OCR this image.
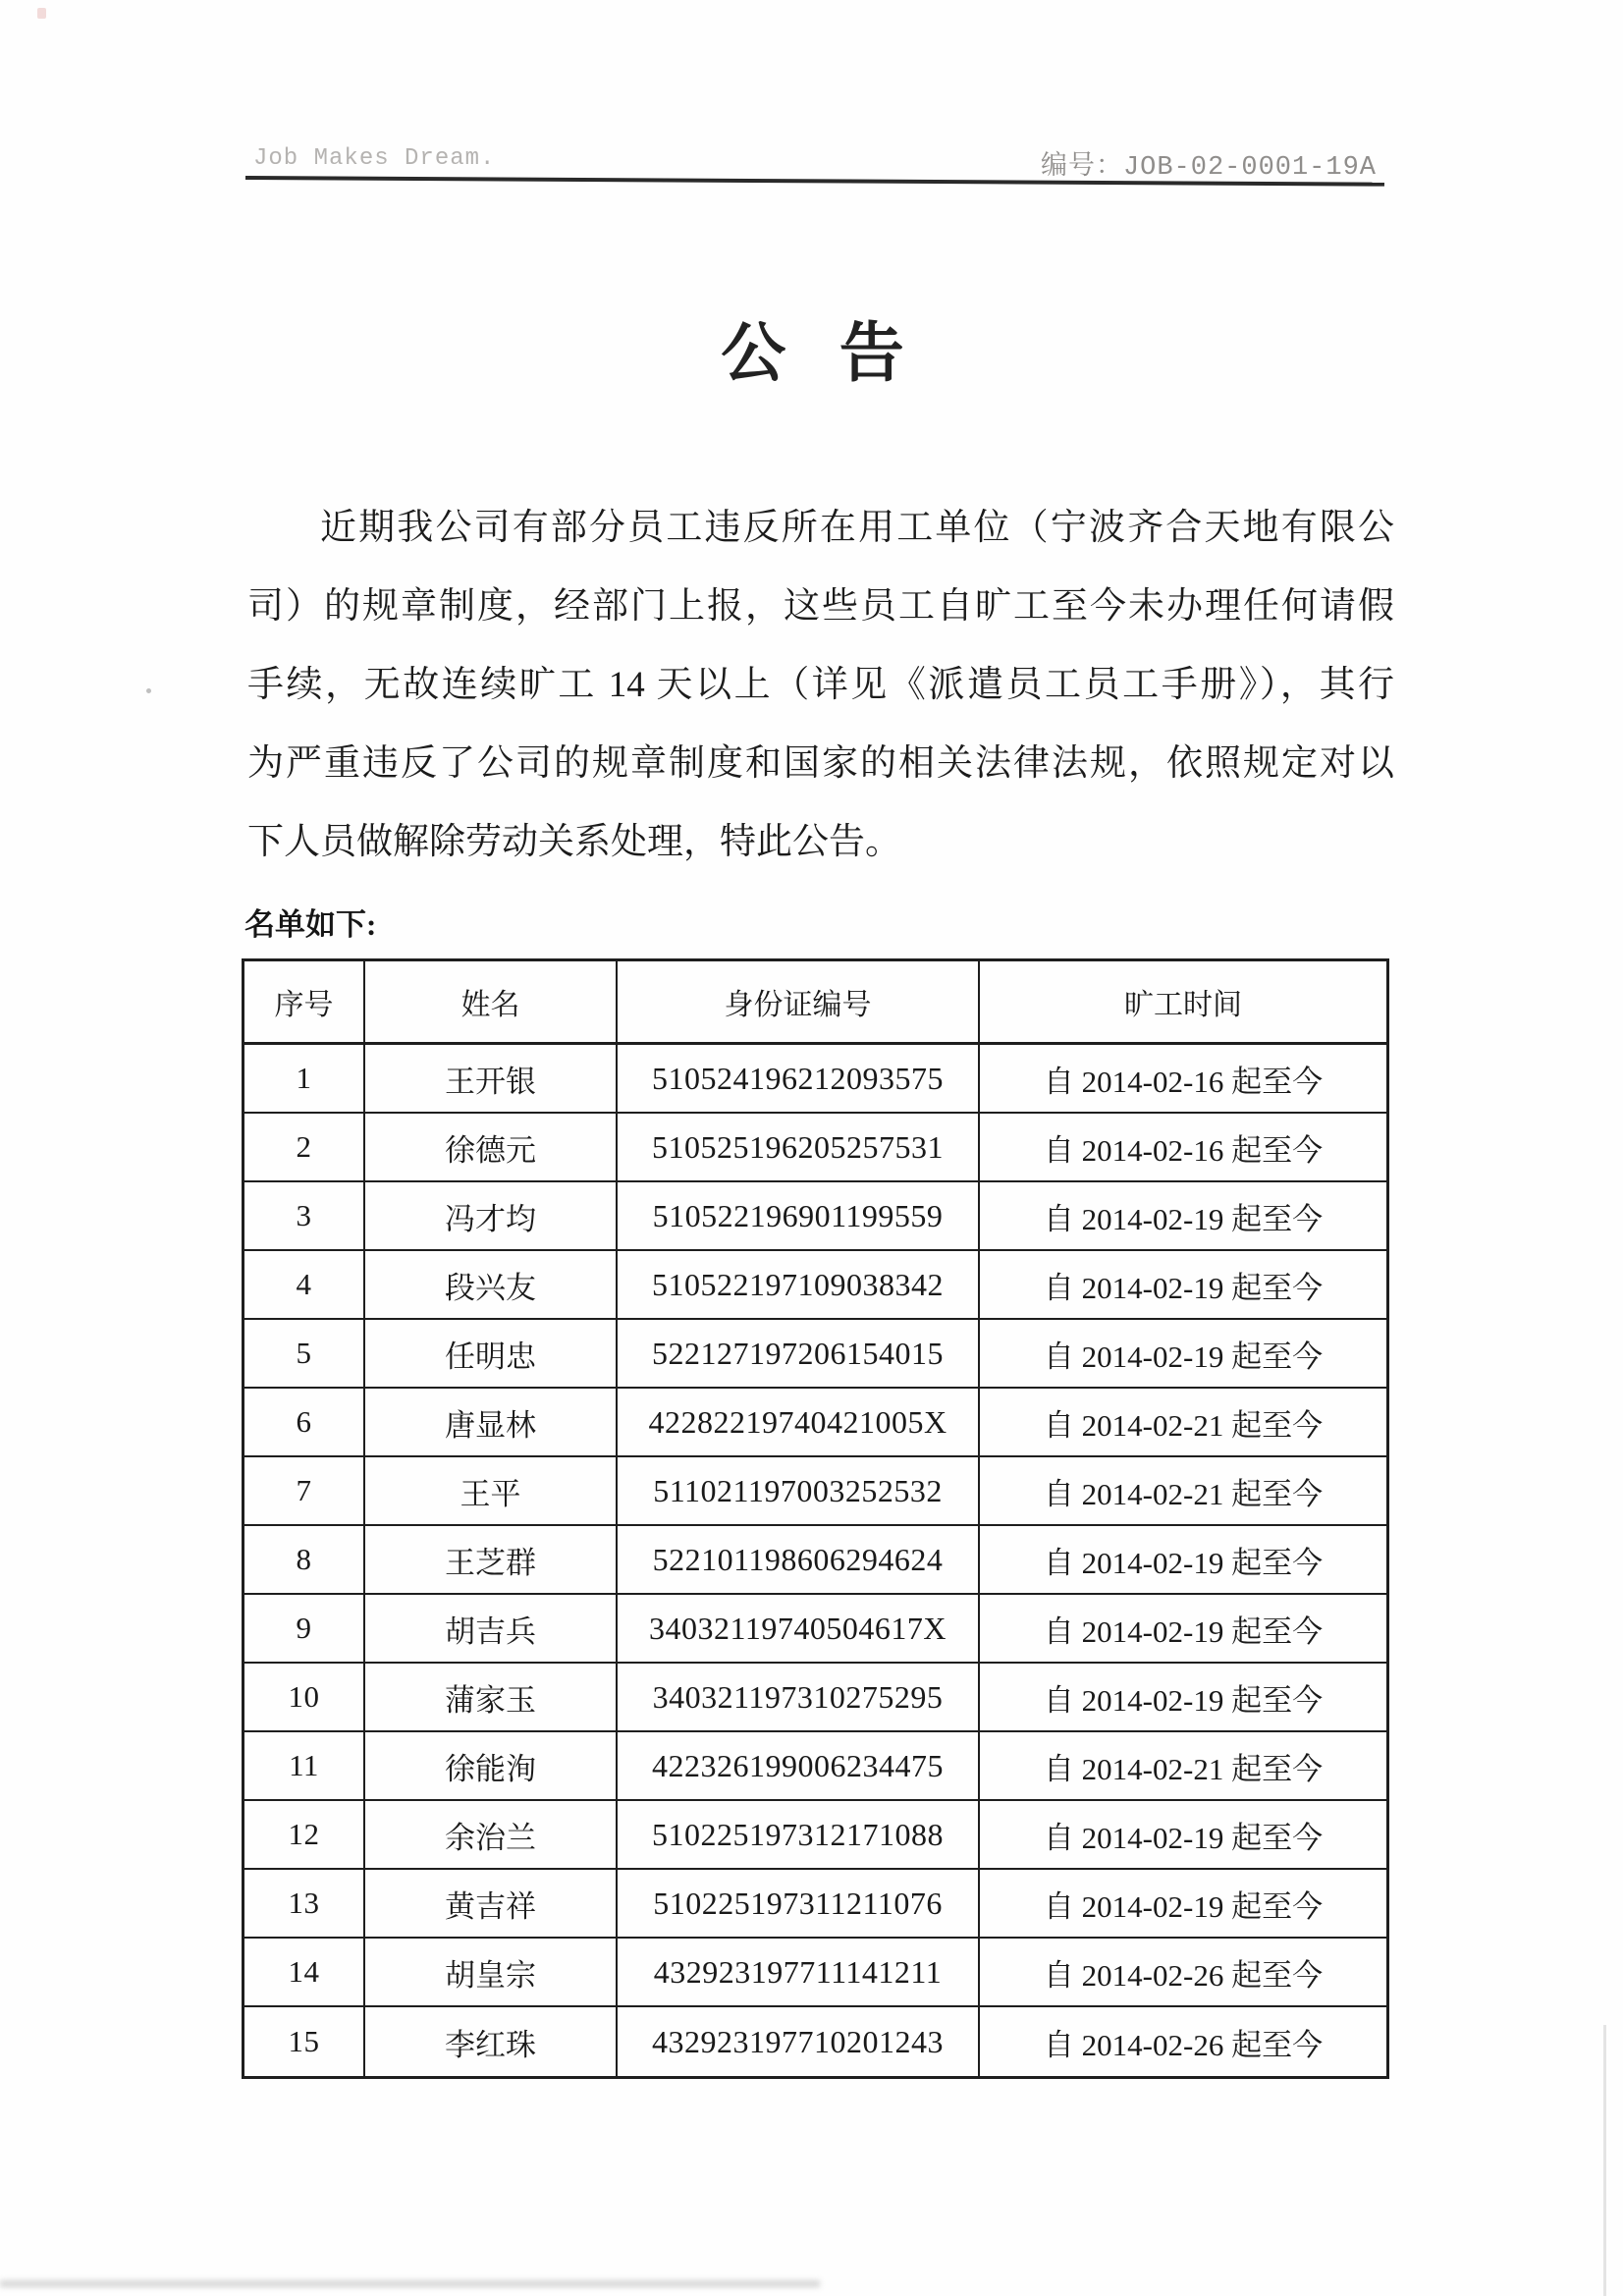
Job Makes Dream.	编号：JOB-02-0001-19A
公 告
近期我公司有部分员工违反所在用工单位（宁波齐合天地有限公
司）的规章制度，经部门上报，这些员工自旷工至今未办理任何请假
手续，无故连续旷工 14 天以上（详见《派遣员工员工手册》），其行
为严重违反了公司的规章制度和国家的相关法律法规，依照规定对以
下人员做解除劳动关系处理，特此公告。
名单如下:
序号	姓名	身份证编号	旷工时间
1	王开银	510524196212093575	自 2014-02-16 起至今
2	徐德元	510525196205257531	自 2014-02-16 起至今
3	冯才均	510522196901199559	自 2014-02-19 起至今
4	段兴友	510522197109038342	自 2014-02-19 起至今
5	任明忠	522127197206154015	自 2014-02-19 起至今
6	唐显林	42282219740421005X	自 2014-02-21 起至今
7	王平	511021197003252532	自 2014-02-21 起至今
8	王芝群	522101198606294624	自 2014-02-19 起至今
9	胡吉兵	34032119740504617X	自 2014-02-19 起至今
10	蒲家玉	340321197310275295	自 2014-02-19 起至今
11	徐能洵	422326199006234475	自 2014-02-21 起至今
12	余治兰	510225197312171088	自 2014-02-19 起至今
13	黄吉祥	510225197311211076	自 2014-02-19 起至今
14	胡皇宗	432923197711141211	自 2014-02-26 起至今
15	李红珠	432923197710201243	自 2014-02-26 起至今
